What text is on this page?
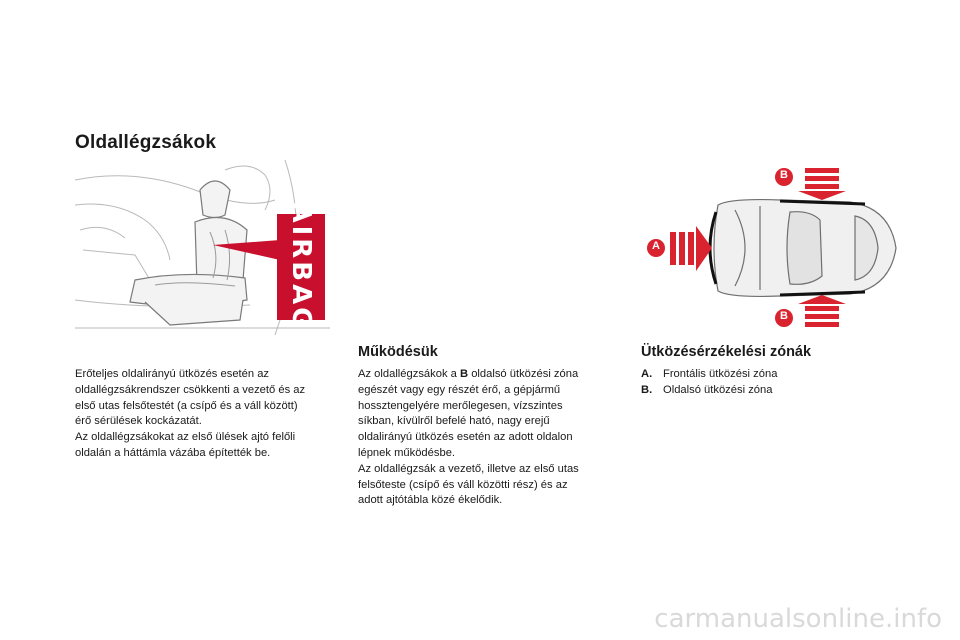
Oldallégzsákok
AIRBAG

Erőteljes oldalirányú ütközés esetén az

oldallégzsákrendszer csökkenti a vezető és az

első utas felsőtestét (a csípő és a váll között)

érő sérülések kockázatát.

Az oldallégzsákokat az első ülések ajtó felőli

oldalán a háttámla vázába építették be.

Működésük

Az oldallégzsákok a B oldalsó ütközési zóna

egészét vagy egy részét érő, a gépjármű

hossztengelyére merőlegesen, vízszintes

síkban, kívülről befelé ható, nagy erejű

oldalirányú ütközés esetén az adott oldalon

lépnek működésbe.

Az oldallégzsák a vezető, illetve az első utas

felsőteste (csípő és váll közötti rész) és az

adott ajtótábla közé ékelődik.

A
B
B
Ütközésérzékelési zónák
A. Frontális ütközési zóna
B. Oldalsó ütközési zóna
carmanualsonline.info
